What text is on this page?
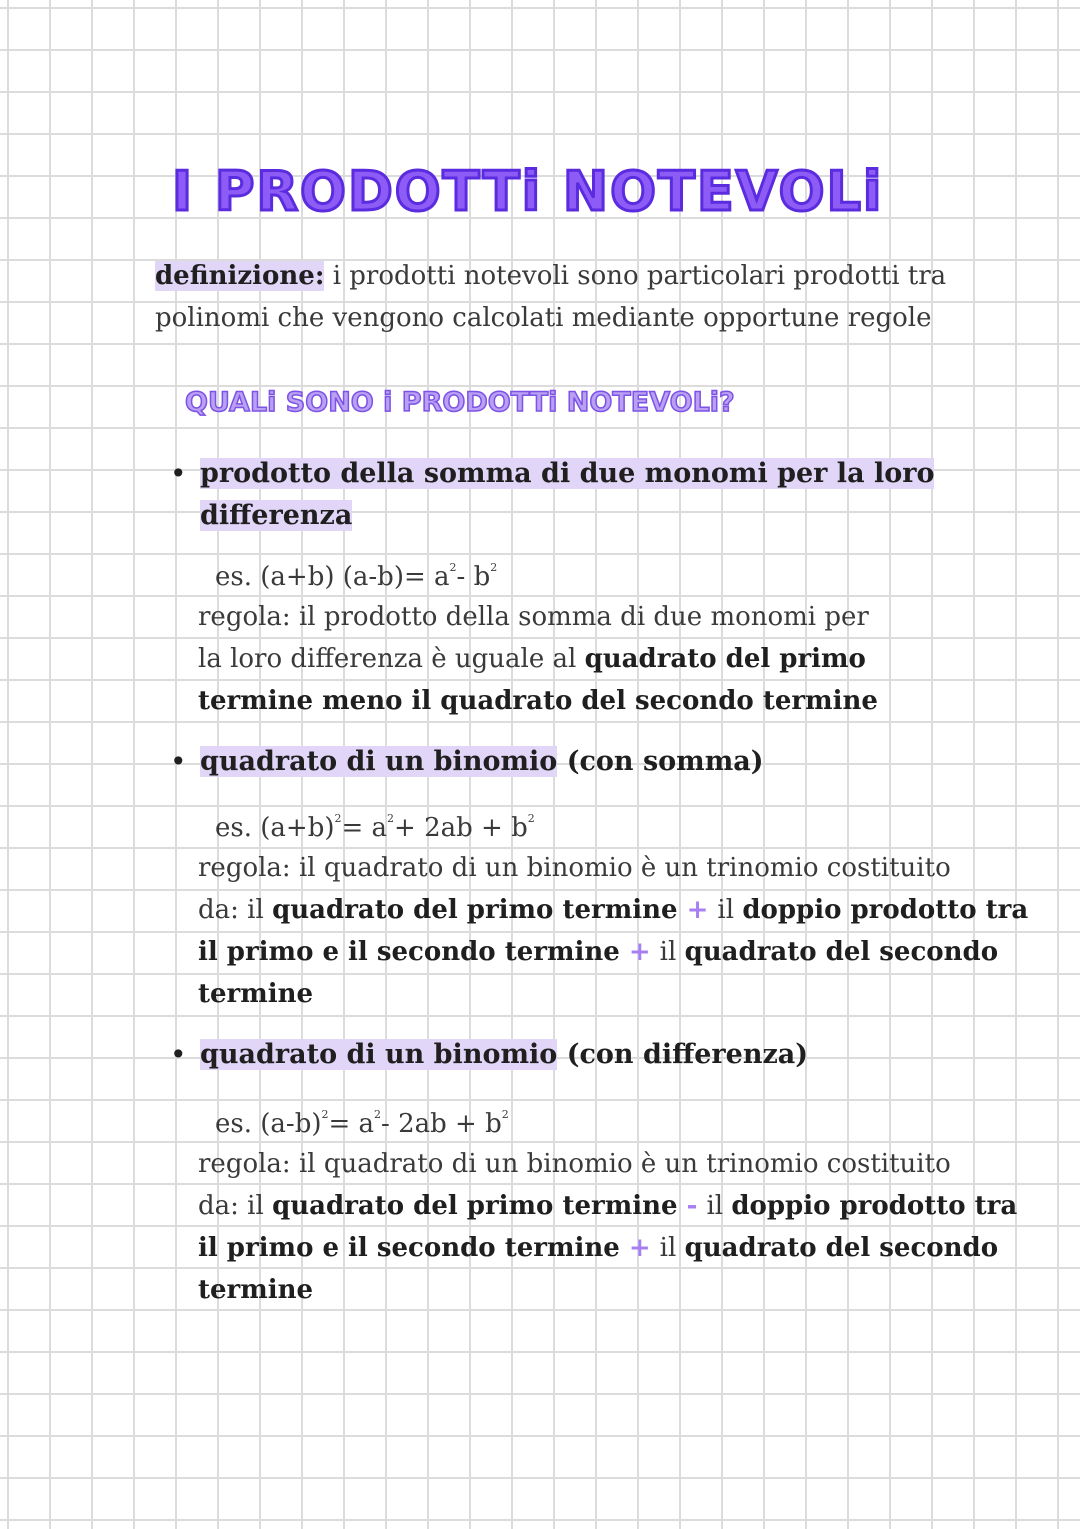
I PRODOTTi NOTEVOLi
definizione: i prodotti notevoli sono particolari prodotti tra
polinomi che vengono calcolati mediante opportune regole
QUALi SONO i PRODOTTi NOTEVOLi?
• prodotto della somma di due monomi per la loro
differenza
es. (a+b) $(a-b)= a^2-$ $b^2$
regola: il prodotto della somma di due monomi per
la loro differenza è uguale al quadrato del primo
termine meno il quadrato del secondo termine
• quadrato di un binomio (con somma)
es. $(a+b)^2= a^2+ 2ab + b^2$
regola: il quadrato di un binomio è un trinomio costituito
da: il quadrato del primo termine + il doppio prodotto tra
il primo e il secondo termine + il quadrato del secondo
termine
• quadrato di un binomio (con differenza)
es. $(a-b)^2= a^2-$ $2ab + b^2$
regola: il quadrato di un binomio è un trinomio costituito
da: il quadrato del primo termine - il doppio prodotto tra
il primo e il secondo termine + il quadrato del secondo
termine
